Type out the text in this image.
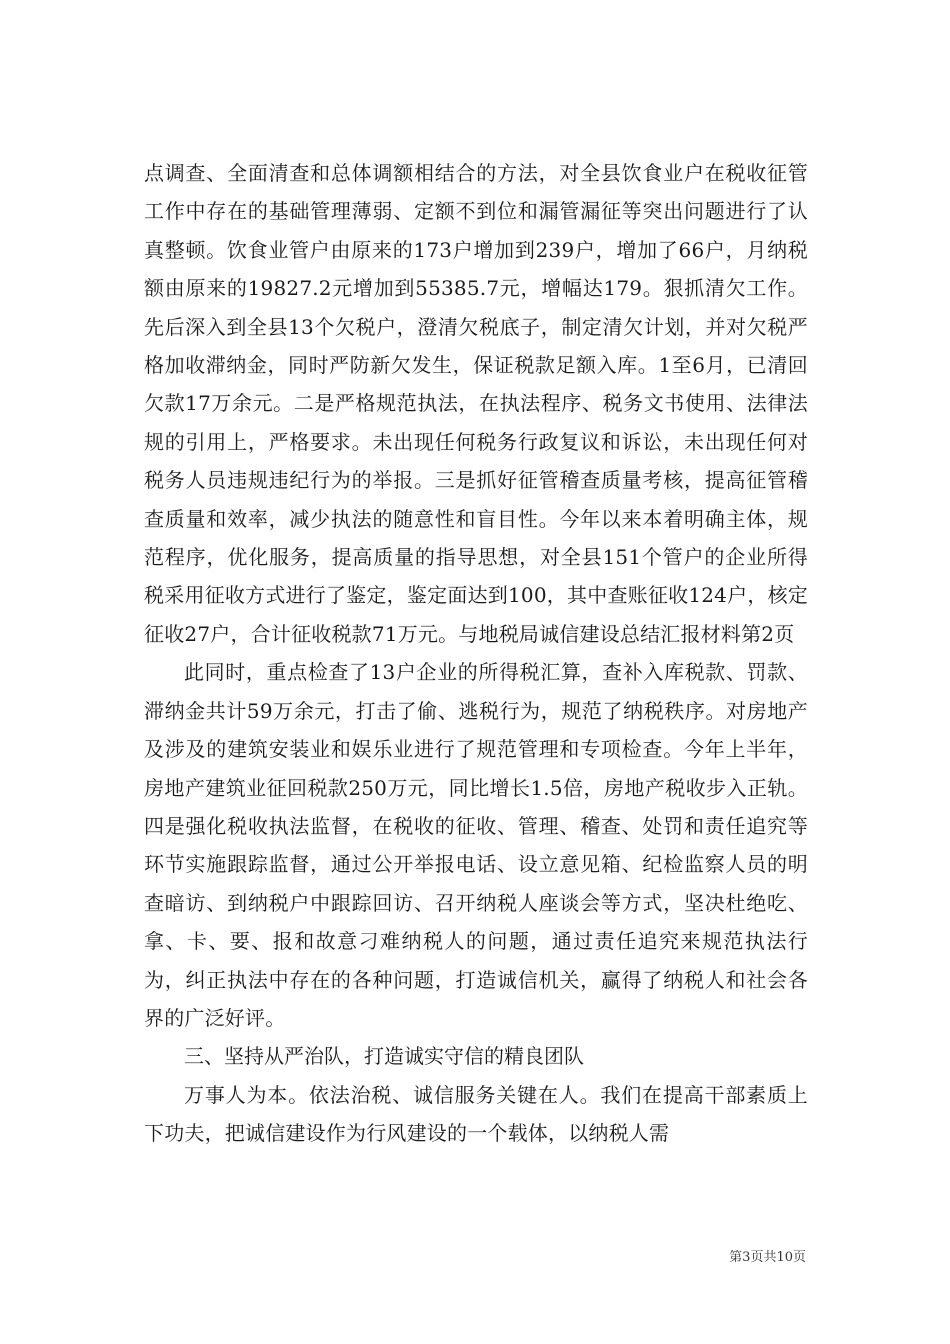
点调查、全面清查和总体调额相结合的方法，对全县饮食业户在税收征管工作中存在的基础管理薄弱、定额不到位和漏管漏征等突出问题进行了认真整顿。饮食业管户由原来的173户增加到239户，增加了66户，月纳税额由原来的19827.2元增加到55385.7元，增幅达179。狠抓清欠工作。先后深入到全县13个欠税户，澄清欠税底子，制定清欠计划，并对欠税严格加收滞纳金，同时严防新欠发生，保证税款足额入库。1至6月，已清回欠款17万余元。二是严格规范执法，在执法程序、税务文书使用、法律法规的引用上，严格要求。未出现任何税务行政复议和诉讼，未出现任何对税务人员违规违纪行为的举报。三是抓好征管稽查质量考核，提高征管稽查质量和效率，减少执法的随意性和盲目性。今年以来本着明确主体，规范程序，优化服务，提高质量的指导思想，对全县151个管户的企业所得税采用征收方式进行了鉴定，鉴定面达到100，其中查账征收124户，核定征收27户，合计征收税款71万元。与地税局诚信建设总结汇报材料第2页

此同时，重点检查了13户企业的所得税汇算，查补入库税款、罚款、滞纳金共计59万余元，打击了偷、逃税行为，规范了纳税秩序。对房地产及涉及的建筑安装业和娱乐业进行了规范管理和专项检查。今年上半年，房地产建筑业征回税款250万元，同比增长1.5倍，房地产税收步入正轨。四是强化税收执法监督，在税收的征收、管理、稽查、处罚和责任追究等环节实施跟踪监督，通过公开举报电话、设立意见箱、纪检监察人员的明查暗访、到纳税户中跟踪回访、召开纳税人座谈会等方式，坚决杜绝吃、拿、卡、要、报和故意刁难纳税人的问题，通过责任追究来规范执法行为，纠正执法中存在的各种问题，打造诚信机关，赢得了纳税人和社会各界的广泛好评。

三、坚持从严治队，打造诚实守信的精良团队

万事人为本。依法治税、诚信服务关键在人。我们在提高干部素质上下功夫，把诚信建设作为行风建设的一个载体，以纳税人需

第3页共10页
